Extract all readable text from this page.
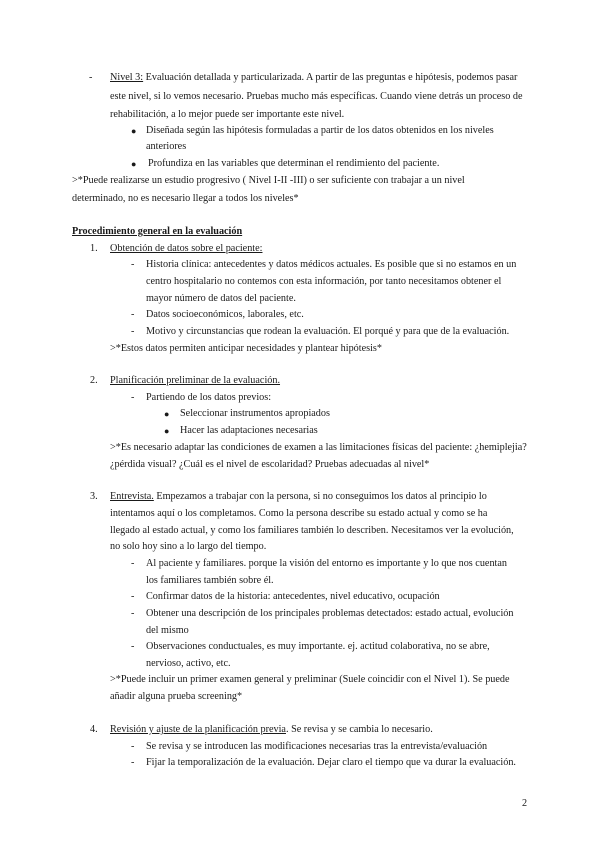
- Nivel 3: Evaluación detallada y particularizada. A partir de las preguntas e hipótesis, podemos pasar
este nivel, si lo vemos necesario. Pruebas mucho más específicas. Cuando viene detrás un proceso de
rehabilitación, a lo mejor puede ser importante este nivel.
● Diseñada según las hipótesis formuladas a partir de los datos obtenidos en los niveles
anteriores
● Profundiza en las variables que determinan el rendimiento del paciente.
>*Puede realizarse un estudio progresivo ( Nivel I-II -III) o ser suficiente con trabajar a un nivel
determinado, no es necesario llegar a todos los niveles*
Procedimiento general en la evaluación
1. Obtención de datos sobre el paciente:
- Historia clínica: antecedentes y datos médicos actuales. Es posible que si no estamos en un
centro hospitalario no contemos con esta información, por tanto necesitamos obtener el
mayor número de datos del paciente.
- Datos socioeconómicos, laborales, etc.
- Motivo y circunstancias que rodean la evaluación. El porqué y para que de la evaluación.
>*Estos datos permiten anticipar necesidades y plantear hipótesis*
2. Planificación preliminar de la evaluación.
- Partiendo de los datos previos:
● Seleccionar instrumentos apropiados
● Hacer las adaptaciones necesarias
>*Es necesario adaptar las condiciones de examen a las limitaciones físicas del paciente: ¿hemiplejia?
¿pérdida visual? ¿Cuál es el nivel de escolaridad? Pruebas adecuadas al nivel*
3. Entrevista. Empezamos a trabajar con la persona, si no conseguimos los datos al principio lo
intentamos aquí o los completamos. Como la persona describe su estado actual y como se ha
llegado al estado actual, y como los familiares también lo describen. Necesitamos ver la evolución,
no solo hoy sino a lo largo del tiempo.
- Al paciente y familiares. porque la visión del entorno es importante y lo que nos cuentan
los familiares también sobre él.
- Confirmar datos de la historia: antecedentes, nivel educativo, ocupación
- Obtener una descripción de los principales problemas detectados: estado actual, evolución
del mismo
- Observaciones conductuales, es muy importante. ej. actitud colaborativa, no se abre,
nervioso, activo, etc.
>*Puede incluir un primer examen general y preliminar (Suele coincidir con el Nivel 1). Se puede
añadir alguna prueba screening*
4. Revisión y ajuste de la planificación previa. Se revisa y se cambia lo necesario.
- Se revisa y se introducen las modificaciones necesarias tras la entrevista/evaluación
- Fijar la temporalización de la evaluación. Dejar claro el tiempo que va durar la evaluación.
2
